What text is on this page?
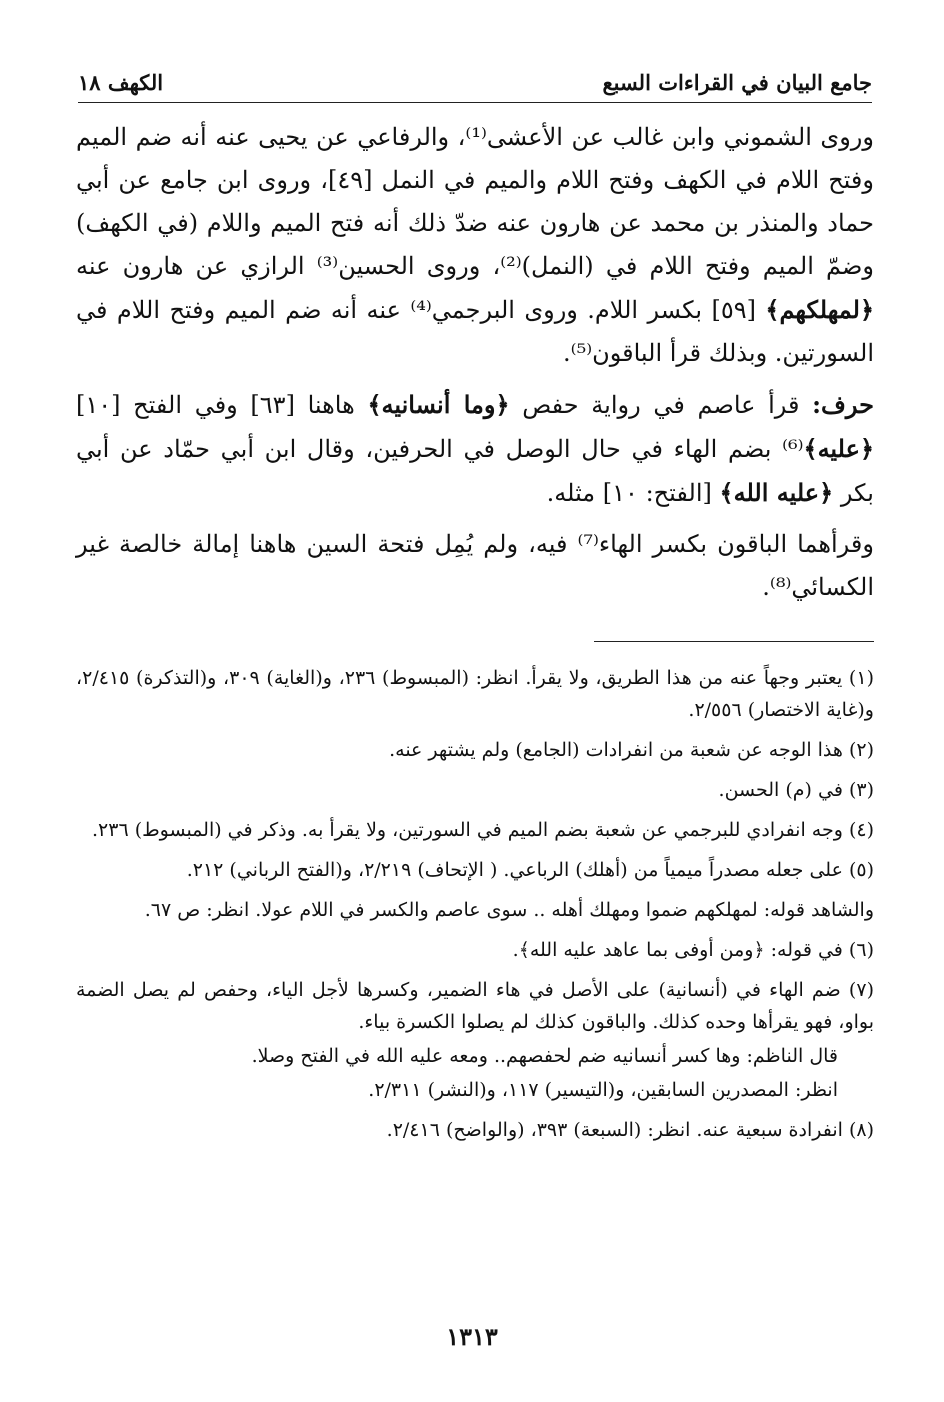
جامع البيان في القراءات السبع
الكهف ١٨

وروى الشموني وابن غالب عن الأعشى⁽¹⁾، والرفاعي عن يحيى عنه أنه ضم الميم وفتح اللام في الكهف وفتح اللام والميم في النمل [٤٩]، وروى ابن جامع عن أبي حماد والمنذر بن محمد عن هارون عنه ضدّ ذلك أنه فتح الميم واللام (في الكهف) وضمّ الميم وفتح اللام في (النمل)⁽²⁾، وروى الحسين⁽³⁾ الرازي عن هارون عنه ﴿لمهلكهم﴾ [٥٩] بكسر اللام. وروى البرجمي⁽⁴⁾ عنه أنه ضم الميم وفتح اللام في السورتين. وبذلك قرأ الباقون⁽⁵⁾.

حرف: قرأ عاصم في رواية حفص ﴿وما أنسانيه﴾ هاهنا [٦٣] وفي الفتح [١٠] ﴿عليه﴾⁽⁶⁾ بضم الهاء في حال الوصل في الحرفين، وقال ابن أبي حمّاد عن أبي بكر ﴿عليه الله﴾ [الفتح: ١٠] مثله.

وقرأهما الباقون بكسر الهاء⁽⁷⁾ فيه، ولم يُمِل فتحة السين هاهنا إمالة خالصة غير الكسائي⁽⁸⁾.

(١) يعتبر وجهاً عنه من هذا الطريق، ولا يقرأ. انظر: (المبسوط) ٢٣٦، و(الغاية) ٣٠٩، و(التذكرة) ٢/٤١٥، و(غاية الاختصار) ٢/٥٥٦.

(٢) هذا الوجه عن شعبة من انفرادات (الجامع) ولم يشتهر عنه.

(٣) في (م) الحسن.

(٤) وجه انفرادي للبرجمي عن شعبة بضم الميم في السورتين، ولا يقرأ به. وذكر في (المبسوط) ٢٣٦.

(٥) على جعله مصدراً ميمياً من (أهلك) الرباعي. ( الإتحاف) ٢/٢١٩، و(الفتح الرباني) ٢١٢.

والشاهد قوله: لمهلكهم ضموا ومهلك أهله .. سوى عاصم والكسر في اللام عولا. انظر: ص ٦٧.

(٦) في قوله: ﴿ومن أوفى بما عاهد عليه الله﴾.

(٧) ضم الهاء في (أنسانية) على الأصل في هاء الضمير، وكسرها لأجل الياء، وحفص لم يصل الضمة بواو، فهو يقرأها وحده كذلك. والباقون كذلك لم يصلوا الكسرة بياء.

قال الناظم: وها كسر أنسانيه ضم لحفصهم.. ومعه عليه الله في الفتح وصلا.

انظر: المصدرين السابقين، و(التيسير) ١١٧، و(النشر) ٢/٣١١.

(٨) انفرادة سبعية عنه. انظر: (السبعة) ٣٩٣، (والواضح) ٢/٤١٦.

١٣١٣
